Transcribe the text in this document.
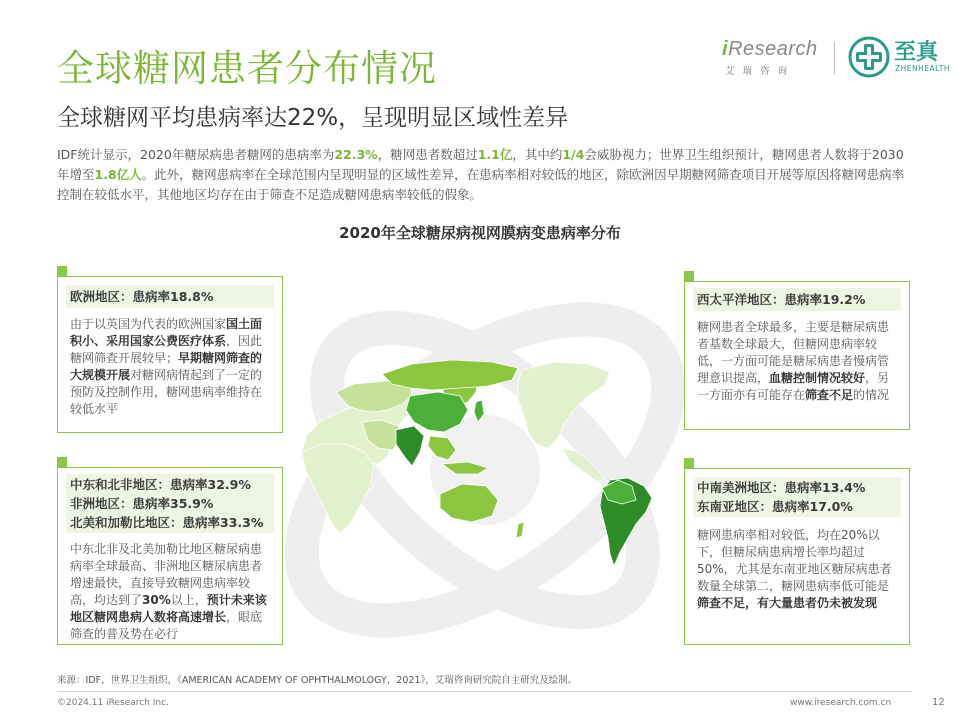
全球糖网患者分布情况
全球糖网平均患病率达22%，呈现明显区域性差异
iResearch
艾瑞咨询
至真
ZHENHEALTH
IDF统计显示，2020年糖尿病患者糖网的患病率为22.3%，糖网患者数超过1.1亿，其中约1/4会威胁视力；世界卫生组织预计，糖网患者人数将于2030年增至1.8亿人。此外，糖网患病率在全球范围内呈现明显的区域性差异，在患病率相对较低的地区，除欧洲因早期糖网筛查项目开展等原因将糖网患病率控制在较低水平，其他地区均存在由于筛查不足造成糖网患病率较低的假象。
2020年全球糖尿病视网膜病变患病率分布
欧洲地区：患病率18.8%
由于以英国为代表的欧洲国家国土面积小、采用国家公费医疗体系，因此糖网筛查开展较早；早期糖网筛查的大规模开展对糖网病情起到了一定的预防及控制作用，糖网患病率维持在较低水平
中东和北非地区：患病率32.9%
非洲地区：患病率35.9%
北美和加勒比地区：患病率33.3%
中东北非及北美加勒比地区糖尿病患病率全球最高、非洲地区糖尿病患者增速最快，直接导致糖网患病率较高，均达到了30%以上，预计未来该地区糖网患病人数将高速增长，眼底筛查的普及势在必行
西太平洋地区：患病率19.2%
糖网患者全球最多，主要是糖尿病患者基数全球最大，但糖网患病率较低，一方面可能是糖尿病患者慢病管理意识提高，血糖控制情况较好，另一方面亦有可能存在筛查不足的情况
中南美洲地区：患病率13.4%
东南亚地区：患病率17.0%
糖网患病率相对较低，均在20%以下，但糖尿病患病增长率均超过50%，尤其是东南亚地区糖尿病患者数量全球第二，糖网患病率低可能是筛查不足，有大量患者仍未被发现
来源：IDF，世界卫生组织，《AMERICAN ACADEMY OF OPHTHALMOLOGY，2021》，艾瑞咨询研究院自主研究及绘制。
©2024.11 iResearch Inc.	www.iresearch.com.cn	12
